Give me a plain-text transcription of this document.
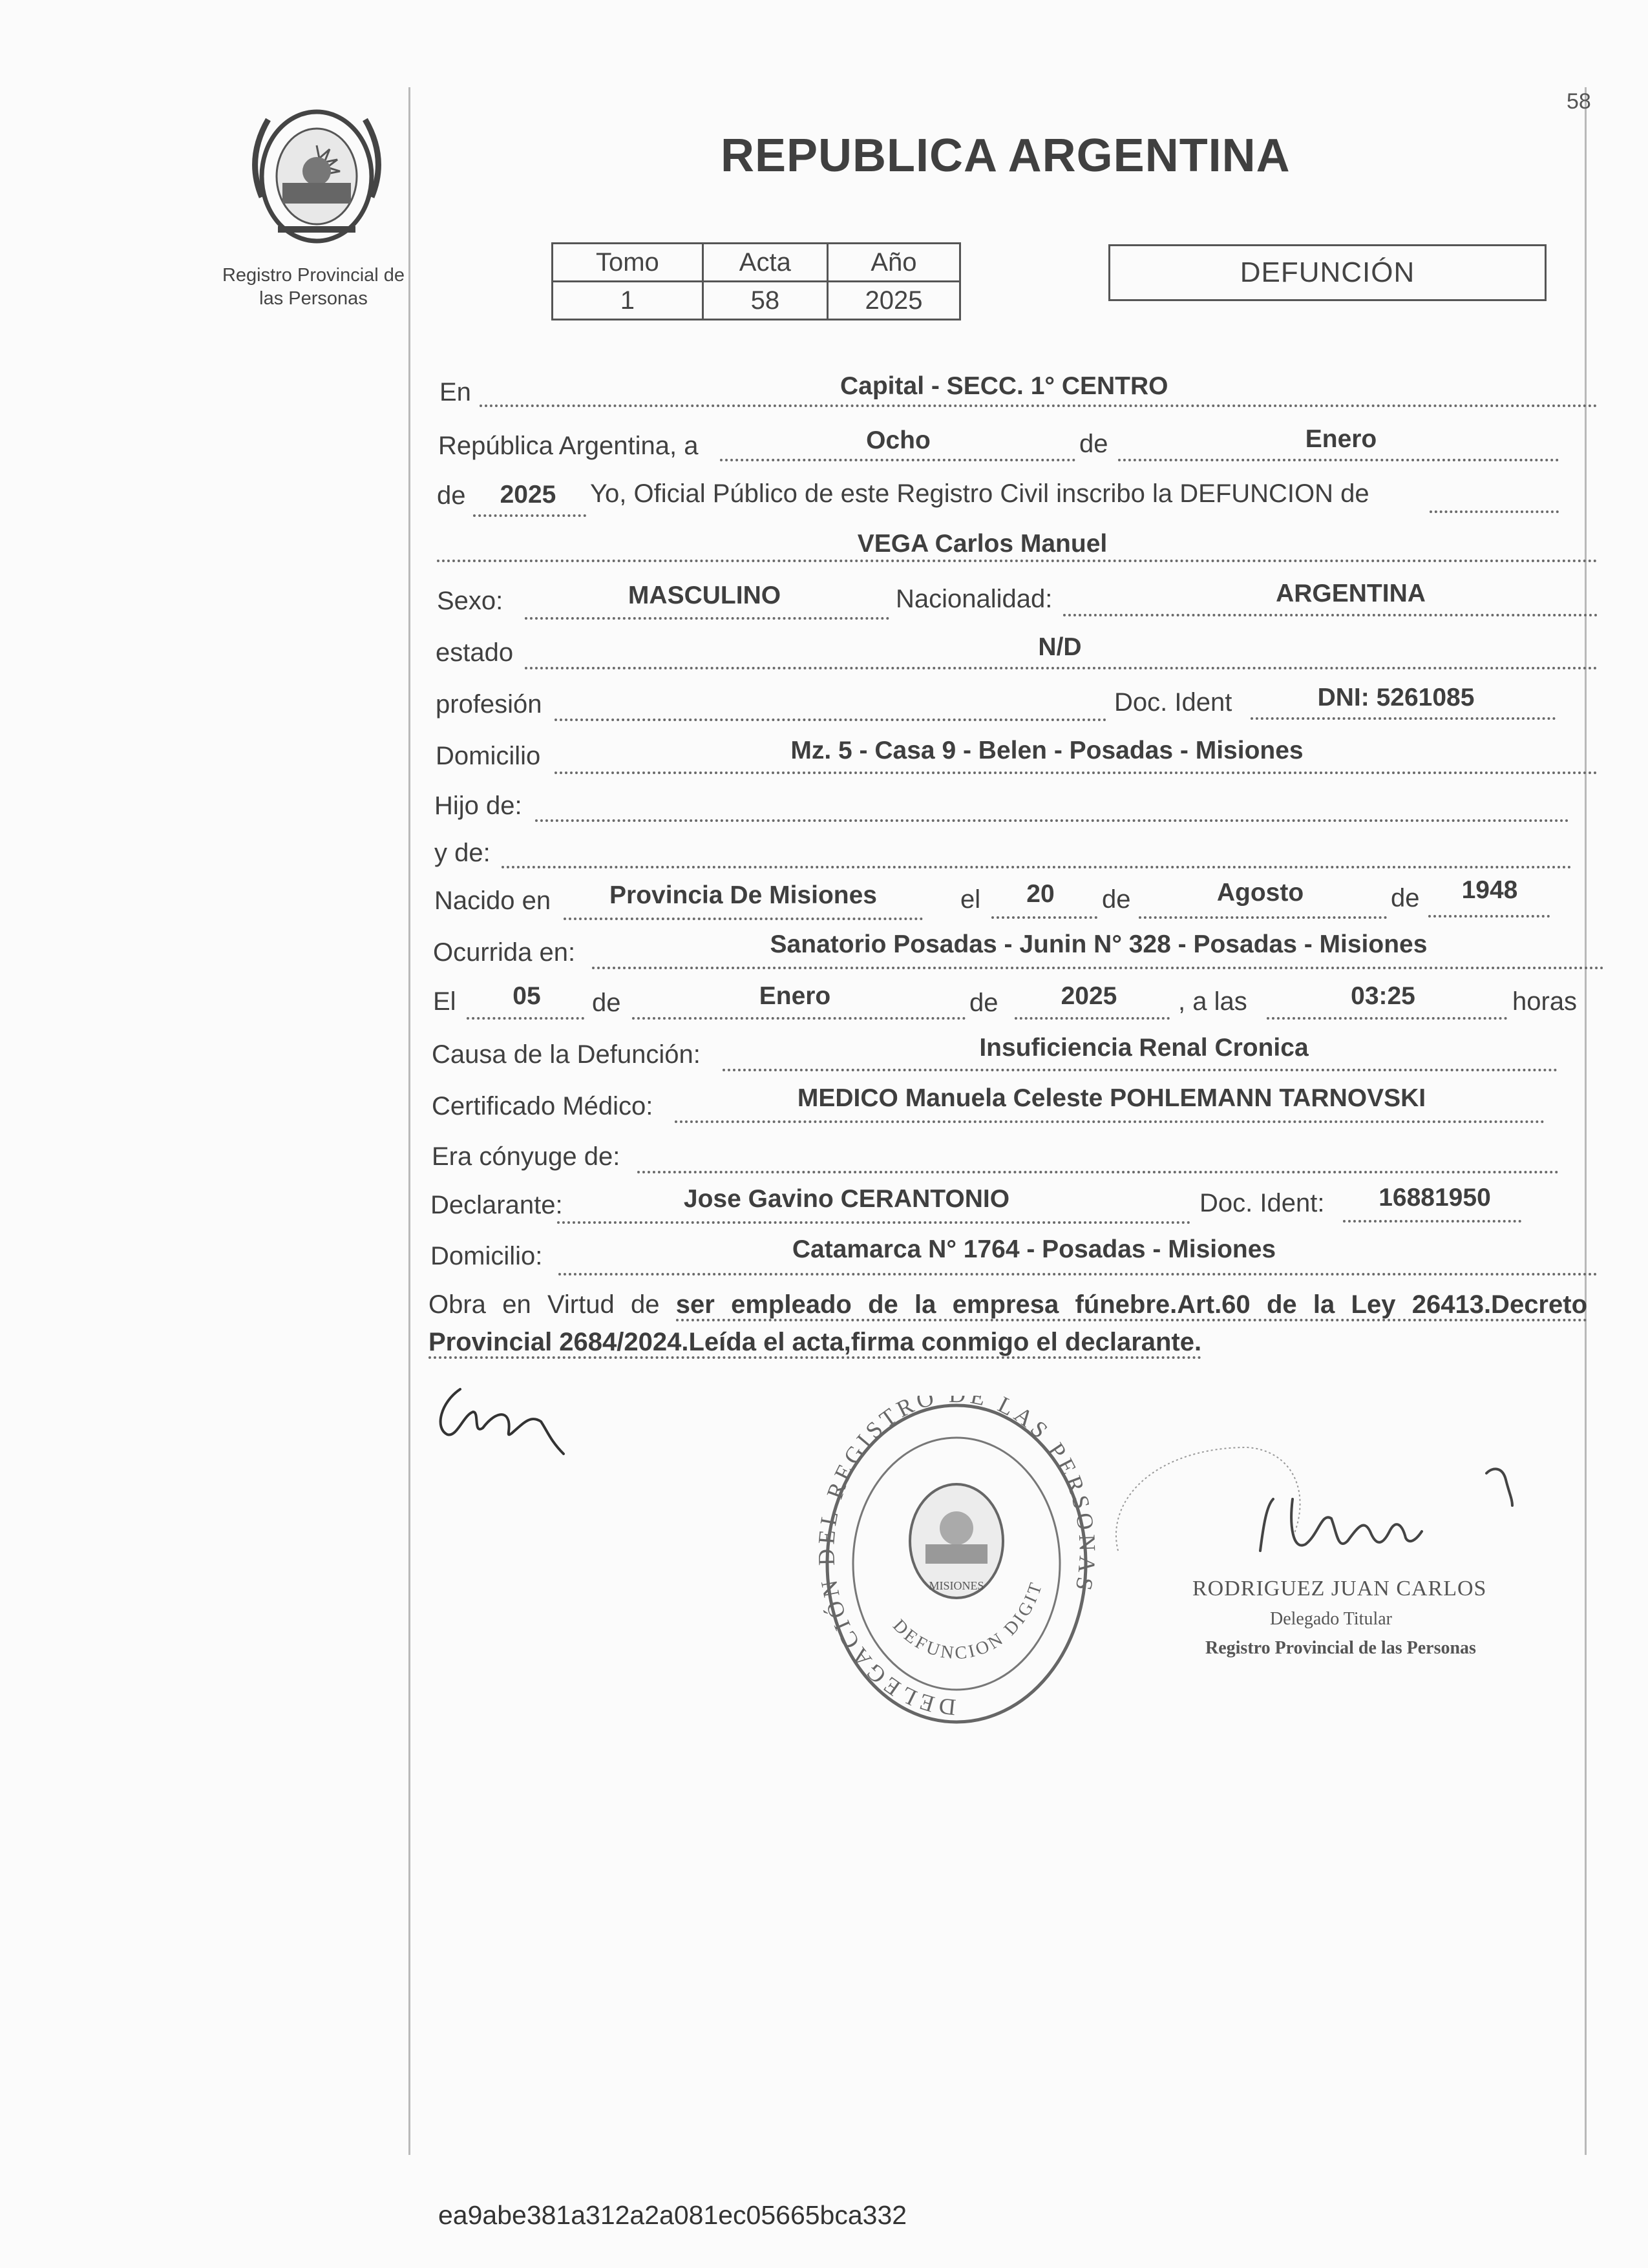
58
Registro Provincial de
las Personas
REPUBLICA ARGENTINA
Tomo	Acta	Año
1	58	2025
DEFUNCIÓN
En	Capital - SECC. 1° CENTRO
República Argentina, a	Ocho	de	Enero
de	2025	Yo, Oficial Público de este Registro Civil inscribo la DEFUNCION de
VEGA Carlos Manuel
Sexo:	MASCULINO	Nacionalidad:	ARGENTINA
estado	N/D
profesión	Doc. Ident	DNI: 5261085
Domicilio	Mz. 5 - Casa 9 - Belen - Posadas - Misiones
Hijo de:
y de:
Nacido en	Provincia De Misiones	el	20	de	Agosto	de	1948
Ocurrida en:	Sanatorio Posadas - Junin N° 328 - Posadas - Misiones
El	05	de	Enero	de	2025	, a las	03:25	horas
Causa de la Defunción:	Insuficiencia Renal Cronica
Certificado Médico:	MEDICO Manuela Celeste POHLEMANN TARNOVSKI
Era cónyuge de:
Declarante:	Jose Gavino CERANTONIO	Doc. Ident:	16881950
Domicilio:	Catamarca N° 1764 - Posadas - Misiones
Obra en Virtud de ser empleado de la empresa fúnebre.Art.60 de la Ley 26413.Decreto Provincial 2684/2024.Leída el acta,firma conmigo el declarante.
DELEGACIÓN DEL REGISTRO E LAS PERSONAS
DEFUNCION DIGIT
MISIONES	RODRIGUEZ JUAN CARLOS
Delegado Titular
Registro Provincial de las Personas
ea9abe381a312a2a081ec05665bca332
